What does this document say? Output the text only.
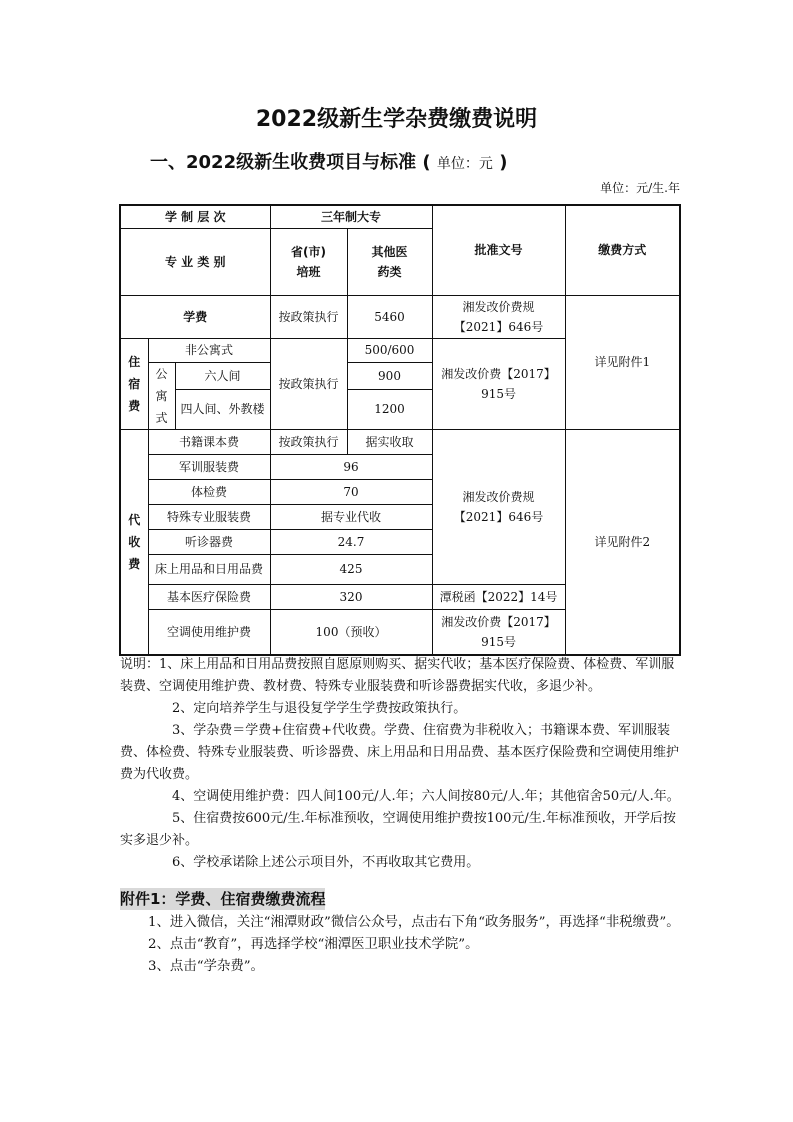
2022级新生学杂费缴费说明
一、2022级新生收费项目与标准 ( 单位：元 )
单位：元/生.年
学 制 层 次			三年制大专		批准文号	缴费方式
专 业 类 别			省(市)培班	其他医药类		
学费			按政策执行	5460	湘发改价费规【2021】646号	详见附件1
住宿费	非公寓式		按政策执行	500/600	湘发改价费【2017】915号	
	公寓式	六人间		900		
		四人间、外教楼		1200		
代收费	书籍课本费		按政策执行	据实收取	湘发改价费规【2021】646号	详见附件2
	军训服装费		96			
	体检费		70			
	特殊专业服装费		据专业代收			
	听诊器费		24.7			
	床上用品和日用品费		425			
	基本医疗保险费		320		潭税函【2022】14号	
	空调使用维护费		100（预收）		湘发改价费【2017】915号	

说明：1、床上用品和日用品费按照自愿原则购买、据实代收；基本医疗保险费、体检费、军训服装费、空调使用维护费、教材费、特殊专业服装费和听诊器费据实代收，多退少补。

2、定向培养学生与退役复学学生学费按政策执行。

3、学杂费＝学费+住宿费+代收费。学费、住宿费为非税收入；书籍课本费、军训服装费、体检费、特殊专业服装费、听诊器费、床上用品和日用品费、基本医疗保险费和空调使用维护费为代收费。

4、空调使用维护费：四人间100元/人.年；六人间按80元/人.年；其他宿舍50元/人.年。

5、住宿费按600元/生.年标准预收，空调使用维护费按100元/生.年标准预收，开学后按实多退少补。

6、学校承诺除上述公示项目外，不再收取其它费用。

附件1：学费、住宿费缴费流程

1、进入微信，关注“湘潭财政”微信公众号，点击右下角“政务服务”，再选择“非税缴费”。

2、点击“教育”，再选择学校“湘潭医卫职业技术学院”。

3、点击“学杂费”。
